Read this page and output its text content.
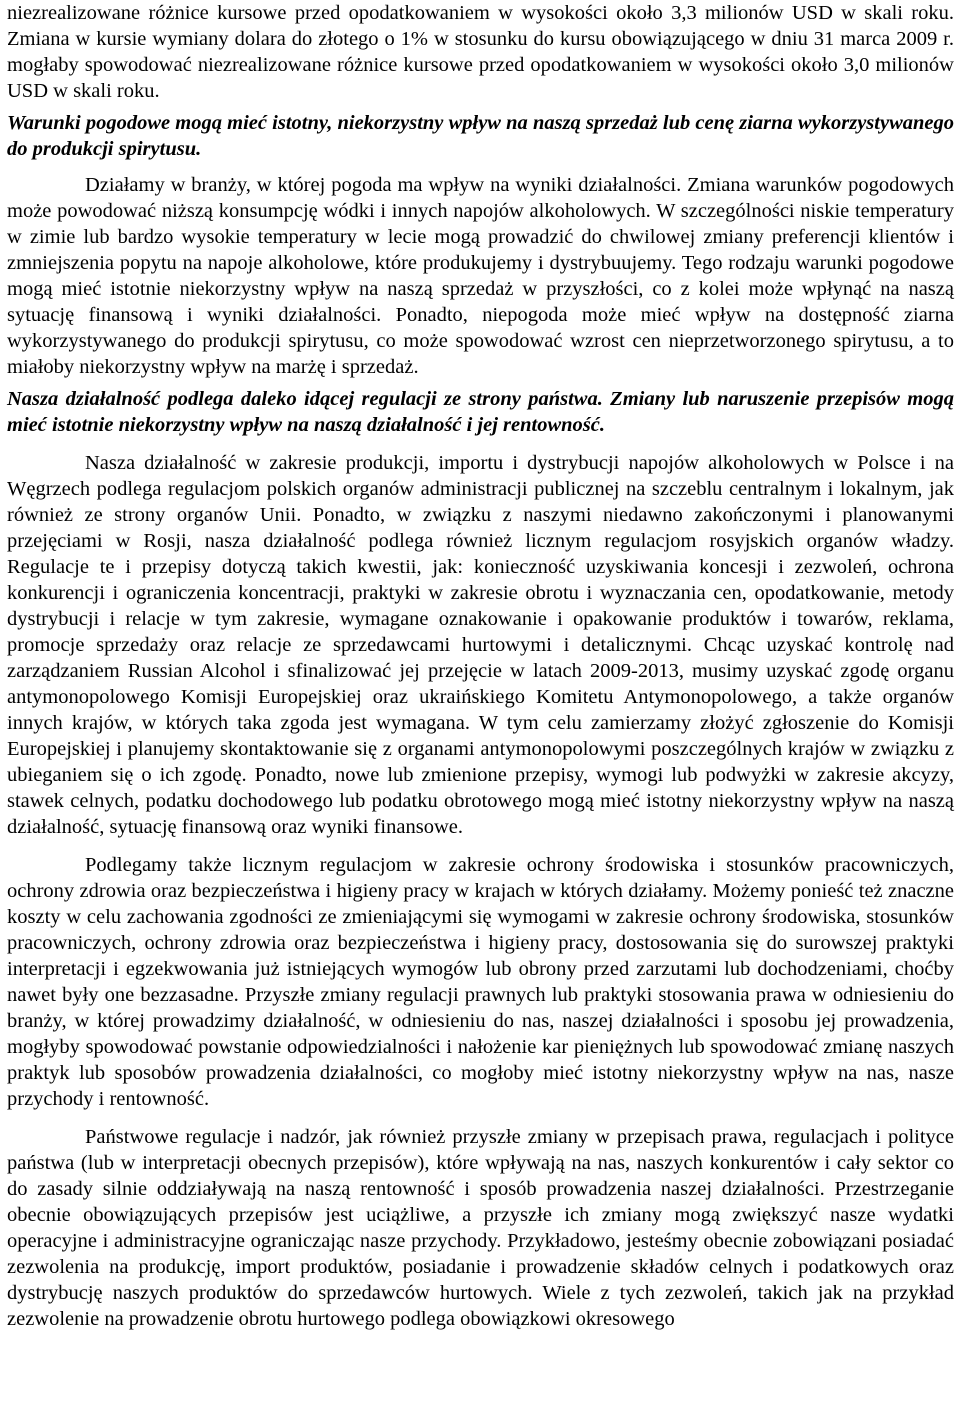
niezrealizowane różnice kursowe przed opodatkowaniem w wysokości około 3,3 milionów USD w skali roku. Zmiana w kursie wymiany dolara do złotego o 1% w stosunku do kursu obowiązującego w dniu 31 marca 2009 r. mogłaby spowodować niezrealizowane różnice kursowe przed opodatkowaniem w wysokości około 3,0 milionów USD w skali roku.

Warunki pogodowe mogą mieć istotny, niekorzystny wpływ na naszą sprzedaż lub cenę ziarna wykorzystywanego do produkcji spirytusu.

Działamy w branży, w której pogoda ma wpływ na wyniki działalności. Zmiana warunków pogodowych może powodować niższą konsumpcję wódki i innych napojów alkoholowych. W szczególności niskie temperatury w zimie lub bardzo wysokie temperatury w lecie mogą prowadzić do chwilowej zmiany preferencji klientów i zmniejszenia popytu na napoje alkoholowe, które produkujemy i dystrybuujemy. Tego rodzaju warunki pogodowe mogą mieć istotnie niekorzystny wpływ na naszą sprzedaż w przyszłości, co z kolei może wpłynąć na naszą sytuację finansową i wyniki działalności. Ponadto, niepogoda może mieć wpływ na dostępność ziarna wykorzystywanego do produkcji spirytusu, co może spowodować wzrost cen nieprzetworzonego spirytusu, a to miałoby niekorzystny wpływ na marżę i sprzedaż.

Nasza działalność podlega daleko idącej regulacji ze strony państwa. Zmiany lub naruszenie przepisów mogą mieć istotnie niekorzystny wpływ na naszą działalność i jej rentowność.

Nasza działalność w zakresie produkcji, importu i dystrybucji napojów alkoholowych w Polsce i na Węgrzech podlega regulacjom polskich organów administracji publicznej na szczeblu centralnym i lokalnym, jak również ze strony organów Unii. Ponadto, w związku z naszymi niedawno zakończonymi i planowanymi przejęciami w Rosji, nasza działalność podlega również licznym regulacjom rosyjskich organów władzy. Regulacje te i przepisy dotyczą takich kwestii, jak: konieczność uzyskiwania koncesji i zezwoleń, ochrona konkurencji i ograniczenia koncentracji, praktyki w zakresie obrotu i wyznaczania cen, opodatkowanie, metody dystrybucji i relacje w tym zakresie, wymagane oznakowanie i opakowanie produktów i towarów, reklama, promocje sprzedaży oraz relacje ze sprzedawcami hurtowymi i detalicznymi. Chcąc uzyskać kontrolę nad zarządzaniem Russian Alcohol i sfinalizować jej przejęcie w latach 2009-2013, musimy uzyskać zgodę organu antymonopolowego Komisji Europejskiej oraz ukraińskiego Komitetu Antymonopolowego, a także organów innych krajów, w których taka zgoda jest wymagana. W tym celu zamierzamy złożyć zgłoszenie do Komisji Europejskiej i planujemy skontaktowanie się z organami antymonopolowymi poszczególnych krajów w związku z ubieganiem się o ich zgodę. Ponadto, nowe lub zmienione przepisy, wymogi lub podwyżki w zakresie akcyzy, stawek celnych, podatku dochodowego lub podatku obrotowego mogą mieć istotny niekorzystny wpływ na naszą działalność, sytuację finansową oraz wyniki finansowe.

Podlegamy także licznym regulacjom w zakresie ochrony środowiska i stosunków pracowniczych, ochrony zdrowia oraz bezpieczeństwa i higieny pracy w krajach w których działamy. Możemy ponieść też znaczne koszty w celu zachowania zgodności ze zmieniającymi się wymogami w zakresie ochrony środowiska, stosunków pracowniczych, ochrony zdrowia oraz bezpieczeństwa i higieny pracy, dostosowania się do surowszej praktyki interpretacji i egzekwowania już istniejących wymogów lub obrony przed zarzutami lub dochodzeniami, choćby nawet były one bezzasadne. Przyszłe zmiany regulacji prawnych lub praktyki stosowania prawa w odniesieniu do branży, w której prowadzimy działalność, w odniesieniu do nas, naszej działalności i sposobu jej prowadzenia, mogłyby spowodować powstanie odpowiedzialności i nałożenie kar pieniężnych lub spowodować zmianę naszych praktyk lub sposobów prowadzenia działalności, co mogłoby mieć istotny niekorzystny wpływ na nas, nasze przychody i rentowność.

Państwowe regulacje i nadzór, jak również przyszłe zmiany w przepisach prawa, regulacjach i polityce państwa (lub w interpretacji obecnych przepisów), które wpływają na nas, naszych konkurentów i cały sektor co do zasady silnie oddziaływają na naszą rentowność i sposób prowadzenia naszej działalności. Przestrzeganie obecnie obowiązujących przepisów jest uciążliwe, a przyszłe ich zmiany mogą zwiększyć nasze wydatki operacyjne i administracyjne ograniczając nasze przychody. Przykładowo, jesteśmy obecnie zobowiązani posiadać zezwolenia na produkcję, import produktów, posiadanie i prowadzenie składów celnych i podatkowych oraz dystrybucję naszych produktów do sprzedawców hurtowych. Wiele z tych zezwoleń, takich jak na przykład zezwolenie na prowadzenie obrotu hurtowego podlega obowiązkowi okresowego
